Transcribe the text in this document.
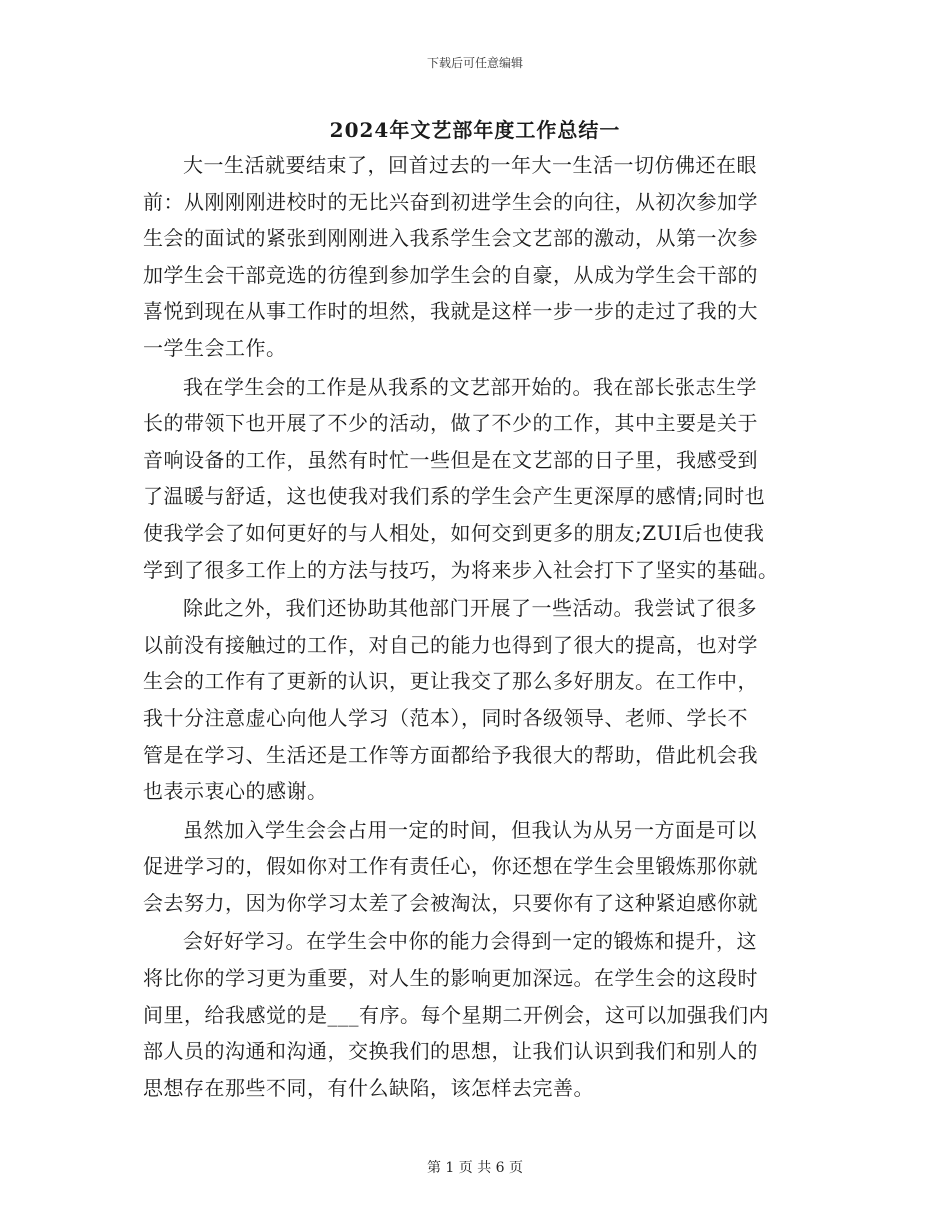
下载后可任意编辑
2024年文艺部年度工作总结一
大一生活就要结束了，回首过去的一年大一生活一切仿佛还在眼
前：从刚刚刚进校时的无比兴奋到初进学生会的向往，从初次参加学
生会的面试的紧张到刚刚进入我系学生会文艺部的激动，从第一次参
加学生会干部竞选的彷徨到参加学生会的自豪，从成为学生会干部的
喜悦到现在从事工作时的坦然，我就是这样一步一步的走过了我的大
一学生会工作。
我在学生会的工作是从我系的文艺部开始的。我在部长张志生学
长的带领下也开展了不少的活动，做了不少的工作，其中主要是关于
音响设备的工作，虽然有时忙一些但是在文艺部的日子里，我感受到
了温暖与舒适，这也使我对我们系的学生会产生更深厚的感情;同时也
使我学会了如何更好的与人相处，如何交到更多的朋友;ZUI后也使我
学到了很多工作上的方法与技巧，为将来步入社会打下了坚实的基础。
除此之外，我们还协助其他部门开展了一些活动。我尝试了很多
以前没有接触过的工作，对自己的能力也得到了很大的提高，也对学
生会的工作有了更新的认识，更让我交了那么多好朋友。在工作中，
我十分注意虚心向他人学习（范本），同时各级领导、老师、学长不
管是在学习、生活还是工作等方面都给予我很大的帮助，借此机会我
也表示衷心的感谢。
虽然加入学生会会占用一定的时间，但我认为从另一方面是可以
促进学习的，假如你对工作有责任心，你还想在学生会里锻炼那你就
会去努力，因为你学习太差了会被淘汰，只要你有了这种紧迫感你就
会好好学习。在学生会中你的能力会得到一定的锻炼和提升，这
将比你的学习更为重要，对人生的影响更加深远。在学生会的这段时
间里，给我感觉的是___有序。每个星期二开例会，这可以加强我们内
部人员的沟通和沟通，交换我们的思想，让我们认识到我们和别人的
思想存在那些不同，有什么缺陷，该怎样去完善。
第 1 页 共 6 页
